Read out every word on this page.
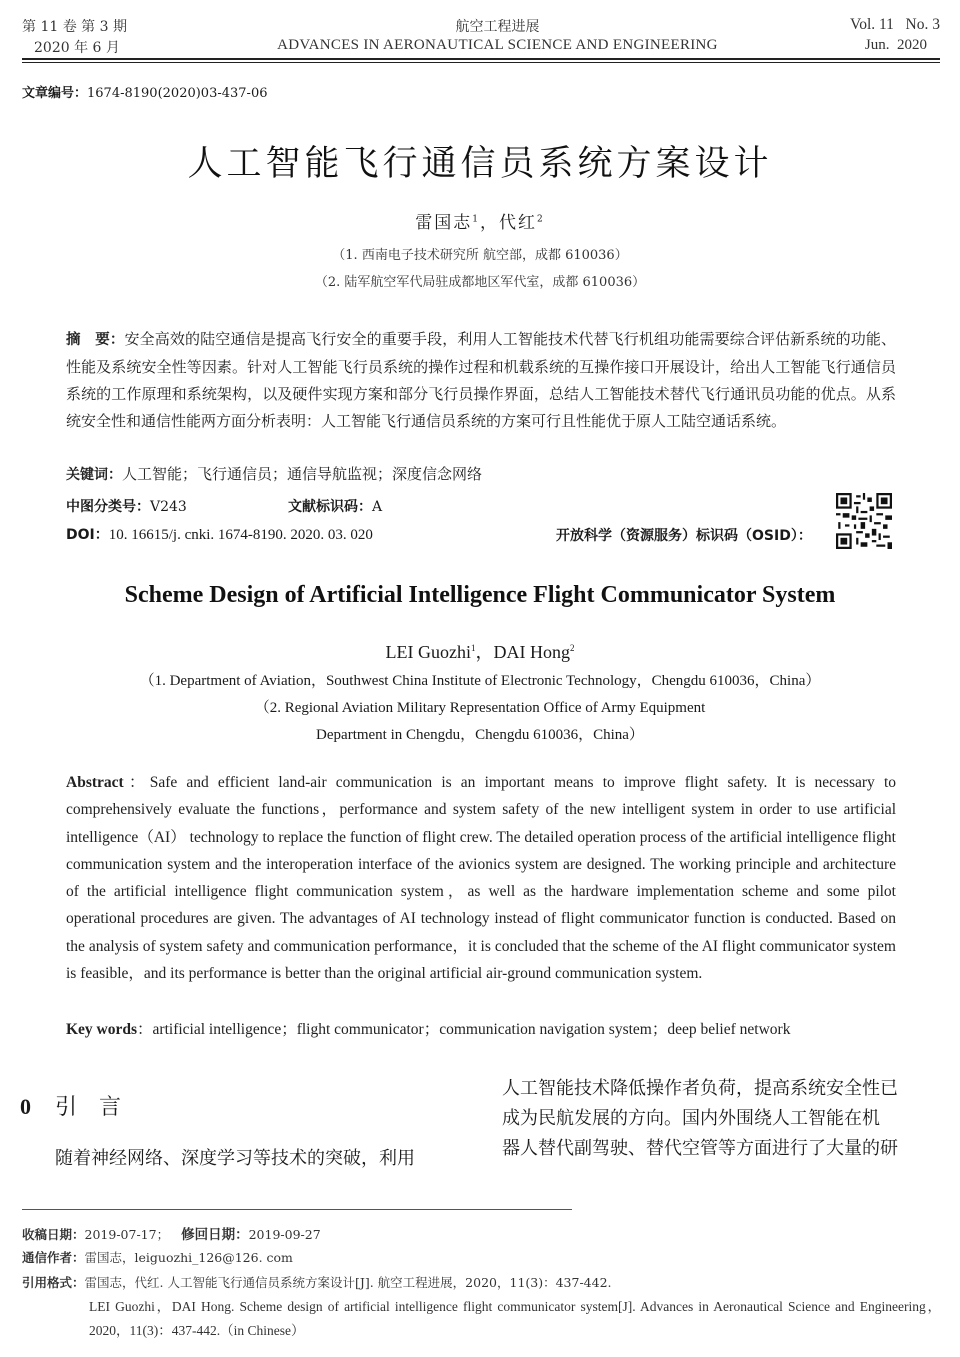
第 11 卷 第 3 期
2020 年 6 月
航空工程进展
ADVANCES IN AERONAUTICAL SCIENCE AND ENGINEERING
Vol. 11   No. 3
Jun.  2020
文章编号：1674-8190(2020)03-437-06
人工智能飞行通信员系统方案设计
雷国志$^1$，代红$^2$
（1. 西南电子技术研究所 航空部，成都 610036）
（2. 陆军航空军代局驻成都地区军代室，成都 610036）
摘　要：安全高效的陆空通信是提高飞行安全的重要手段，利用人工智能技术代替飞行机组功能需要综合评估新系统的功能、性能及系统安全性等因素。针对人工智能飞行员系统的操作过程和机载系统的互操作接口开展设计，给出人工智能飞行通信员系统的工作原理和系统架构，以及硬件实现方案和部分飞行员操作界面，总结人工智能技术替代飞行通讯员功能的优点。从系统安全性和通信性能两方面分析表明：人工智能飞行通信员系统的方案可行且性能优于原人工陆空通话系统。
关键词：人工智能；飞行通信员；通信导航监视；深度信念网络
中图分类号：V243	文献标识码：A
DOI：10. 16615/j. cnki. 1674-8190. 2020. 03. 020	开放科学（资源服务）标识码（OSID）：
Scheme Design of Artificial Intelligence Flight Communicator System
LEI Guozhi$^1$，DAI Hong$^2$
（1. Department of Aviation，Southwest China Institute of Electronic Technology，Chengdu 610036，China）
（2. Regional Aviation Military Representation Office of Army Equipment
Department in Chengdu，Chengdu 610036，China）
Abstract：Safe and efficient land-air communication is an important means to improve flight safety. It is necessary to comprehensively evaluate the functions，performance and system safety of the new intelligent system in order to use artificial intelligence（AI） technology to replace the function of flight crew. The detailed operation process of the artificial intelligence flight communication system and the interoperation interface of the avionics system are designed. The working principle and architecture of the artificial intelligence flight communication system，as well as the hardware implementation scheme and some pilot operational procedures are given. The advantages of AI technology instead of flight communicator function is conducted. Based on the analysis of system safety and communication performance，it is concluded that the scheme of the AI flight communicator system is feasible，and its performance is better than the original artificial air-ground communication system.
Key words：artificial intelligence；flight communicator；communication navigation system；deep belief network
0 引　言
随着神经网络、深度学习等技术的突破，利用
人工智能技术降低操作者负荷，提高系统安全性已
成为民航发展的方向。国内外围绕人工智能在机
器人替代副驾驶、替代空管等方面进行了大量的研
收稿日期：2019-07-17； 修回日期：2019-09-27
通信作者：雷国志，leiguozhi_126@126. com
引用格式：雷国志，代红. 人工智能飞行通信员系统方案设计[J]. 航空工程进展，2020，11(3)：437-442.
LEI Guozhi，DAI Hong. Scheme design of artificial intelligence flight communicator system[J]. Advances in Aeronautical Science and Engineering，2020，11(3)：437-442.（in Chinese）
